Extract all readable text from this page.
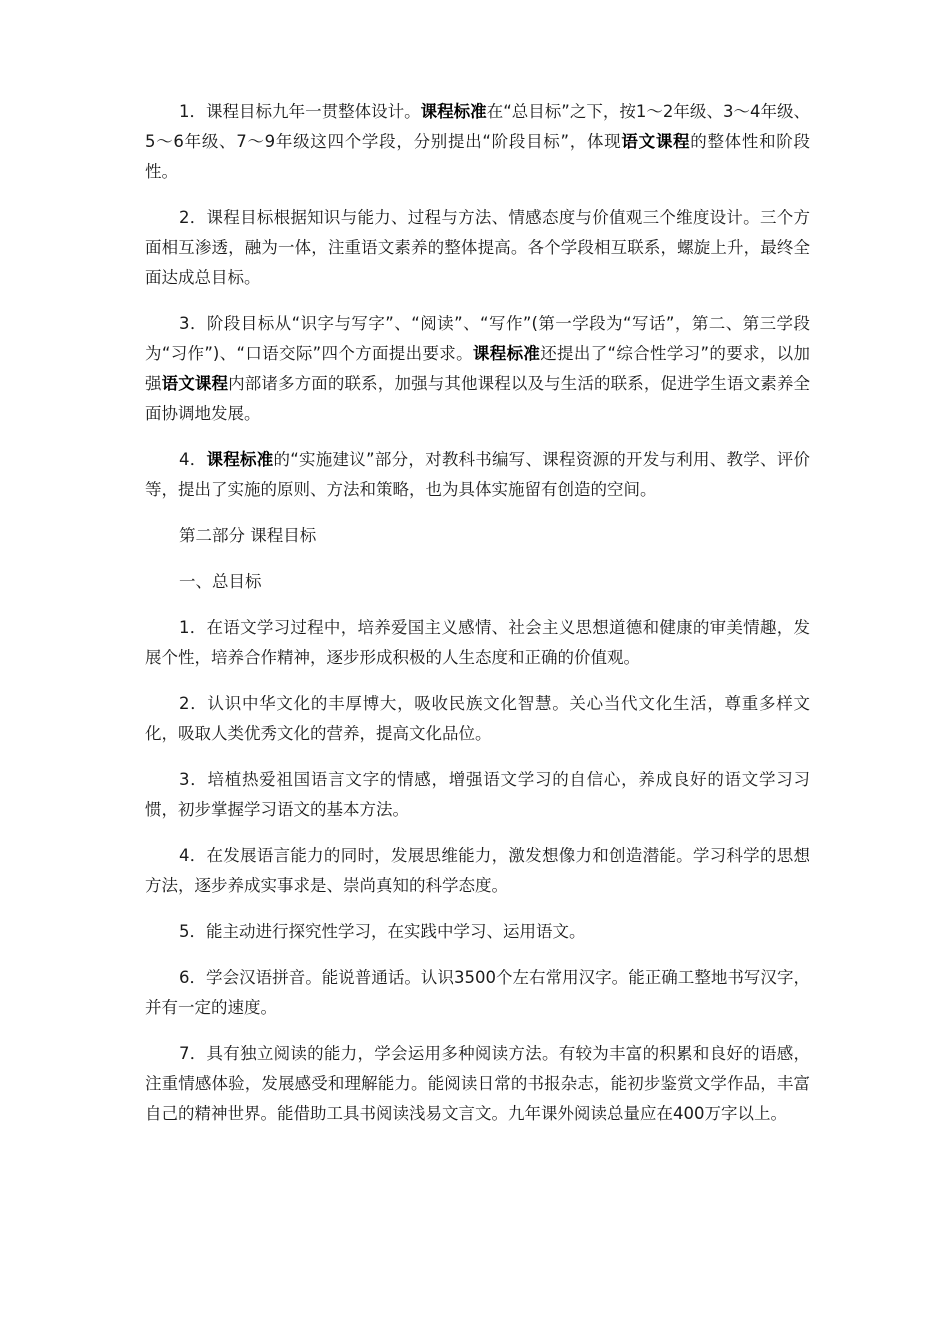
1．课程目标九年一贯整体设计。课程标准在“总目标”之下，按1～2年级、3～4年级、5～6年级、7～9年级这四个学段，分别提出“阶段目标”，体现语文课程的整体性和阶段性。

2．课程目标根据知识与能力、过程与方法、情感态度与价值观三个维度设计。三个方面相互渗透，融为一体，注重语文素养的整体提高。各个学段相互联系，螺旋上升，最终全面达成总目标。

3．阶段目标从“识字与写字”、“阅读”、“写作”(第一学段为“写话”，第二、第三学段为“习作”)、“口语交际”四个方面提出要求。课程标准还提出了“综合性学习”的要求，以加强语文课程内部诸多方面的联系，加强与其他课程以及与生活的联系，促进学生语文素养全面协调地发展。

4．课程标准的“实施建议”部分，对教科书编写、课程资源的开发与利用、教学、评价等，提出了实施的原则、方法和策略，也为具体实施留有创造的空间。

第二部分 课程目标

一、总目标

1．在语文学习过程中，培养爱国主义感情、社会主义思想道德和健康的审美情趣，发展个性，培养合作精神，逐步形成积极的人生态度和正确的价值观。

2．认识中华文化的丰厚博大，吸收民族文化智慧。关心当代文化生活，尊重多样文化，吸取人类优秀文化的营养，提高文化品位。

3．培植热爱祖国语言文字的情感，增强语文学习的自信心，养成良好的语文学习习惯，初步掌握学习语文的基本方法。

4．在发展语言能力的同时，发展思维能力，激发想像力和创造潜能。学习科学的思想方法，逐步养成实事求是、崇尚真知的科学态度。

5．能主动进行探究性学习，在实践中学习、运用语文。

6．学会汉语拼音。能说普通话。认识3500个左右常用汉字。能正确工整地书写汉字，并有一定的速度。

7．具有独立阅读的能力，学会运用多种阅读方法。有较为丰富的积累和良好的语感，注重情感体验，发展感受和理解能力。能阅读日常的书报杂志，能初步鉴赏文学作品，丰富自己的精神世界。能借助工具书阅读浅易文言文。九年课外阅读总量应在400万字以上。
